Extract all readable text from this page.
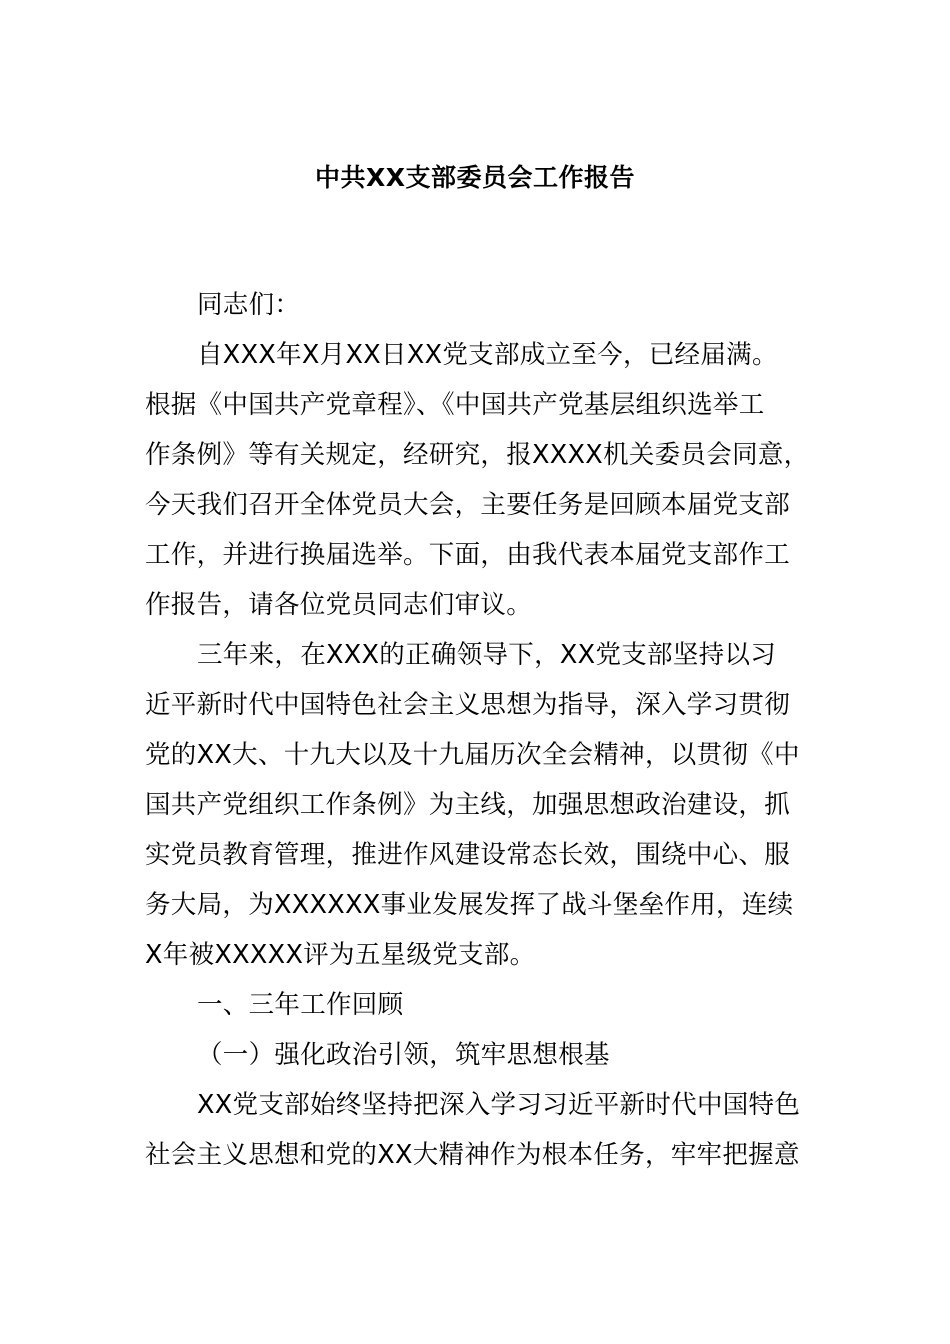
中共XX支部委员会工作报告
同志们：
自XXX年X月XX日XX党支部成立至今，已经届满。
根据《中国共产党章程》、《中国共产党基层组织选举工
作条例》等有关规定，经研究，报XXXX机关委员会同意，
今天我们召开全体党员大会，主要任务是回顾本届党支部
工作，并进行换届选举。下面，由我代表本届党支部作工
作报告，请各位党员同志们审议。
三年来，在XXX的正确领导下，XX党支部坚持以习
近平新时代中国特色社会主义思想为指导，深入学习贯彻
党的XX大、十九大以及十九届历次全会精神，以贯彻《中
国共产党组织工作条例》为主线，加强思想政治建设，抓
实党员教育管理，推进作风建设常态长效，围绕中心、服
务大局，为XXXXXX事业发展发挥了战斗堡垒作用，连续
X年被XXXXX评为五星级党支部。
一、三年工作回顾
（一）强化政治引领，筑牢思想根基
XX党支部始终坚持把深入学习习近平新时代中国特色
社会主义思想和党的XX大精神作为根本任务，牢牢把握意
